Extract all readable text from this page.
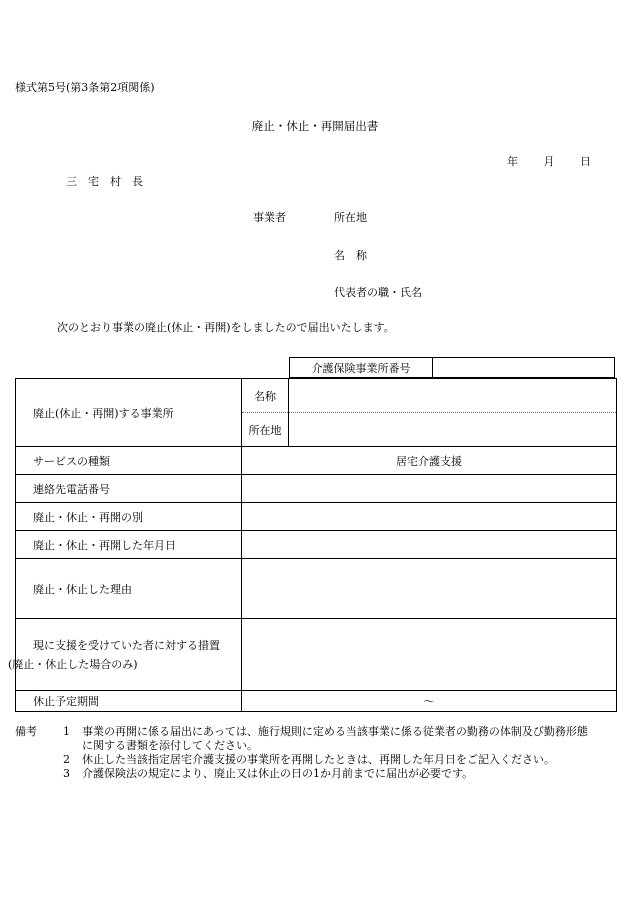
様式第5号(第3条第2項関係)
廃止・休止・再開届出書
年 月 日
三　宅　村　長
事業者	所在地
名　称
代表者の職・氏名
次のとおり事業の廃止(休止・再開)をしましたので届出いたします。
介護保険事業所番号	
廃止(休止・再開)する事業所	名称	
	所在地	
サービスの種類	居宅介護支援	
連絡先電話番号		
廃止・休止・再開の別		
廃止・休止・再開した年月日		
廃止・休止した理由		

現に支援を受けていた者に対する措置
(廃止・休止した場合のみ)		

休止予定期間	～	
備考 1 事業の再開に係る届出にあっては、施行規則に定める当該事業に係る従業者の勤務の体制及び勤務形態
に関する書類を添付してください。
2 休止した当該指定居宅介護支援の事業所を再開したときは、再開した年月日をご記入ください。
3 介護保険法の規定により、廃止又は休止の日の1か月前までに届出が必要です。
